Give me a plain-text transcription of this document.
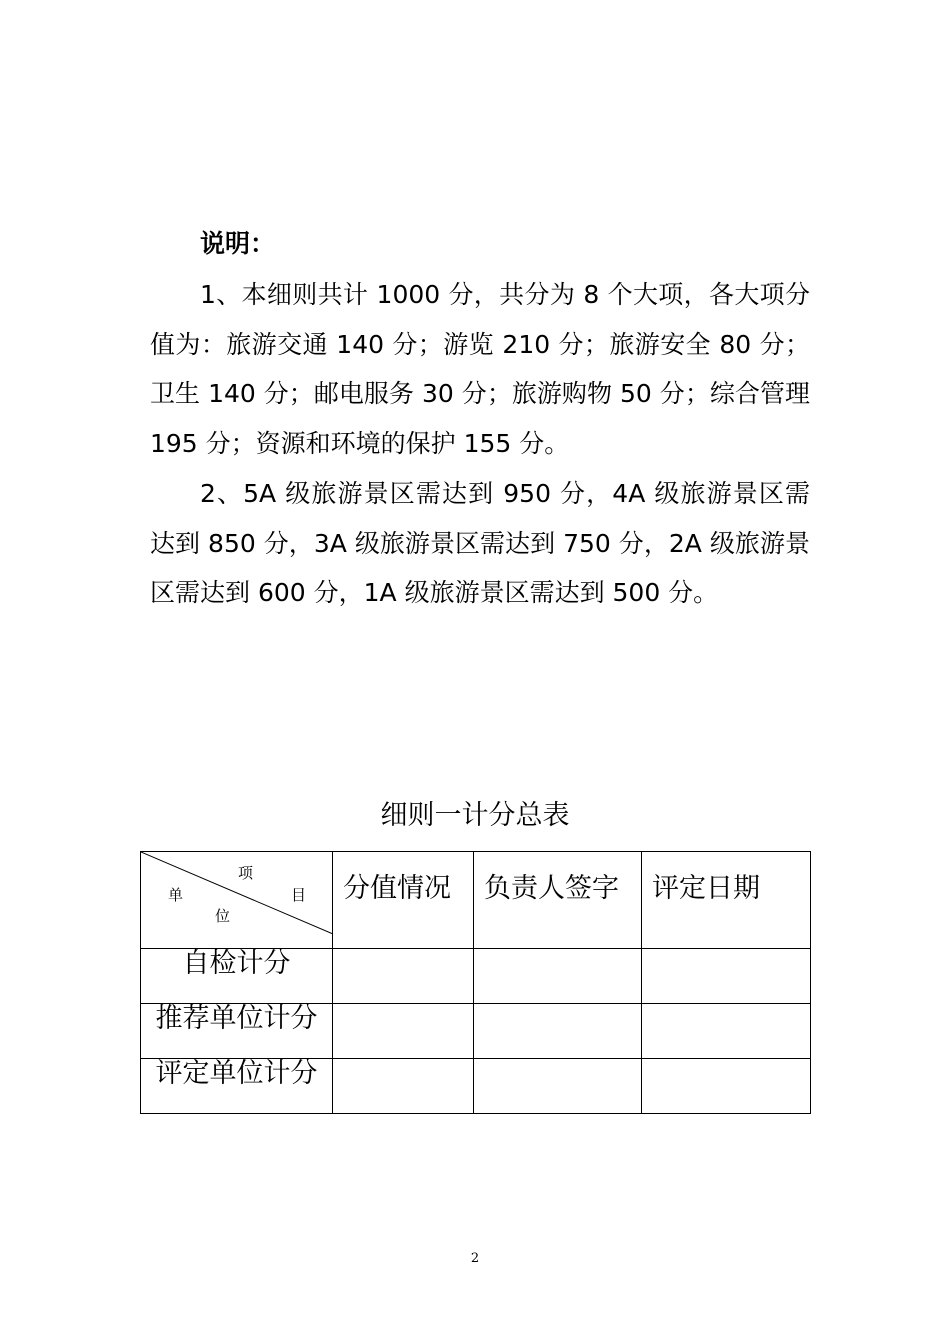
说明：
1、本细则共计 1000 分，共分为 8 个大项，各大项分值为：旅游交通 140 分；游览 210 分；旅游安全 80 分；卫生 140 分；邮电服务 30 分；旅游购物 50 分；综合管理 195 分；资源和环境的保护 155 分。
2、5A 级旅游景区需达到 950 分，4A 级旅游景区需达到 850 分，3A 级旅游景区需达到 750 分，2A 级旅游景区需达到 600 分，1A 级旅游景区需达到 500 分。
细则一计分总表
项
目
单
位	分值情况	负责人签字	评定日期
自检计分			
推荐单位计分			
评定单位计分			
2
